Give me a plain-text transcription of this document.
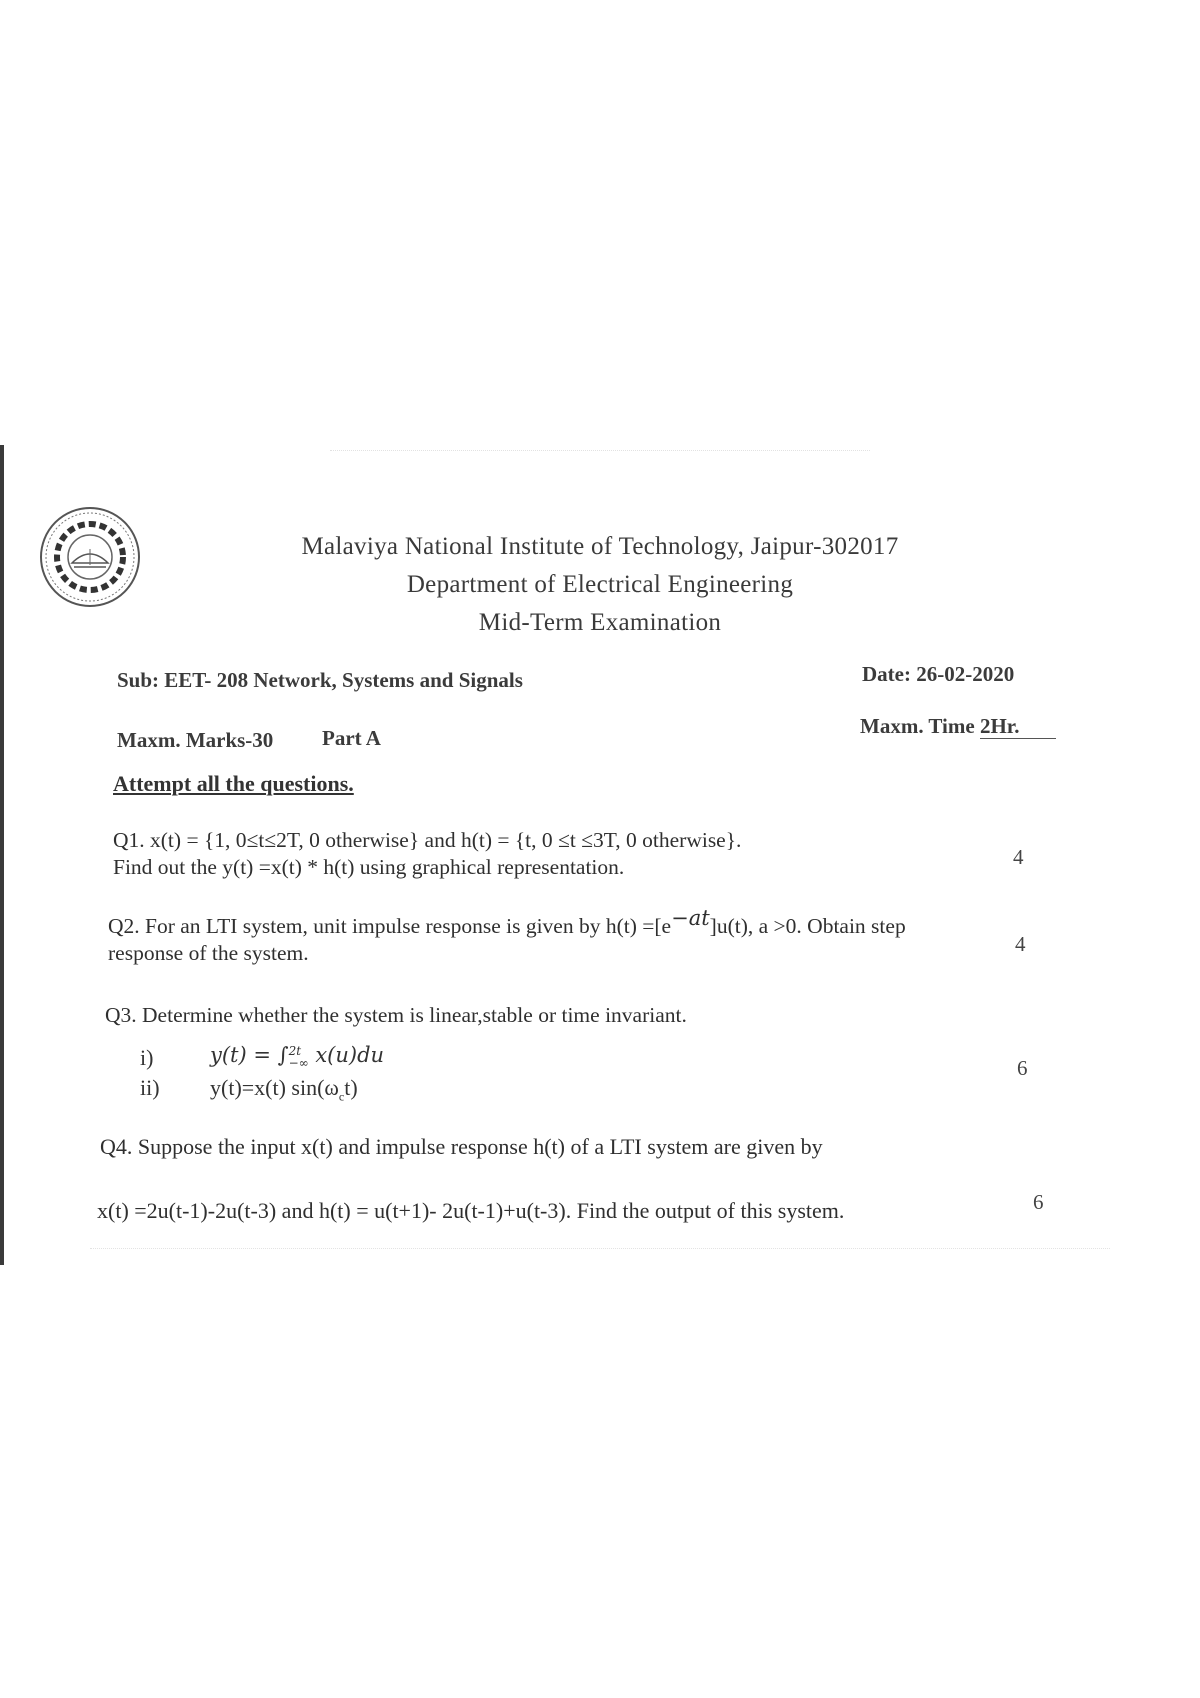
Malaviya National Institute of Technology, Jaipur-302017
Department of Electrical Engineering
Mid-Term Examination
Sub: EET- 208 Network, Systems and Signals	Date: 26-02-2020
Maxm. Marks-30 Part A	Maxm. Time 2Hr.
Attempt all the questions.
Q1. x(t) = {1, 0≤t≤2T, 0 otherwise} and h(t) = {t, 0 ≤t ≤3T, 0 otherwise}.
Find out the y(t) =x(t) * h(t) using graphical representation.	4
Q2. For an LTI system, unit impulse response is given by $h(t) =[e^{-at}]u(t)$, a >0. Obtain step
response of the system.	4
Q3. Determine whether the system is linear,stable or time invariant.
i)	y(t) = ∫ 2t
−∞ x(u)du
ii) y(t)=x(t) $\sin(\omega_ct)$
6
Q4. Suppose the input x(t) and impulse response h(t) of a LTI system are given by
x(t) =2u(t-1)-2u(t-3) and h(t) = u(t+1)- 2u(t-1)+u(t-3). Find the output of this system.	6
